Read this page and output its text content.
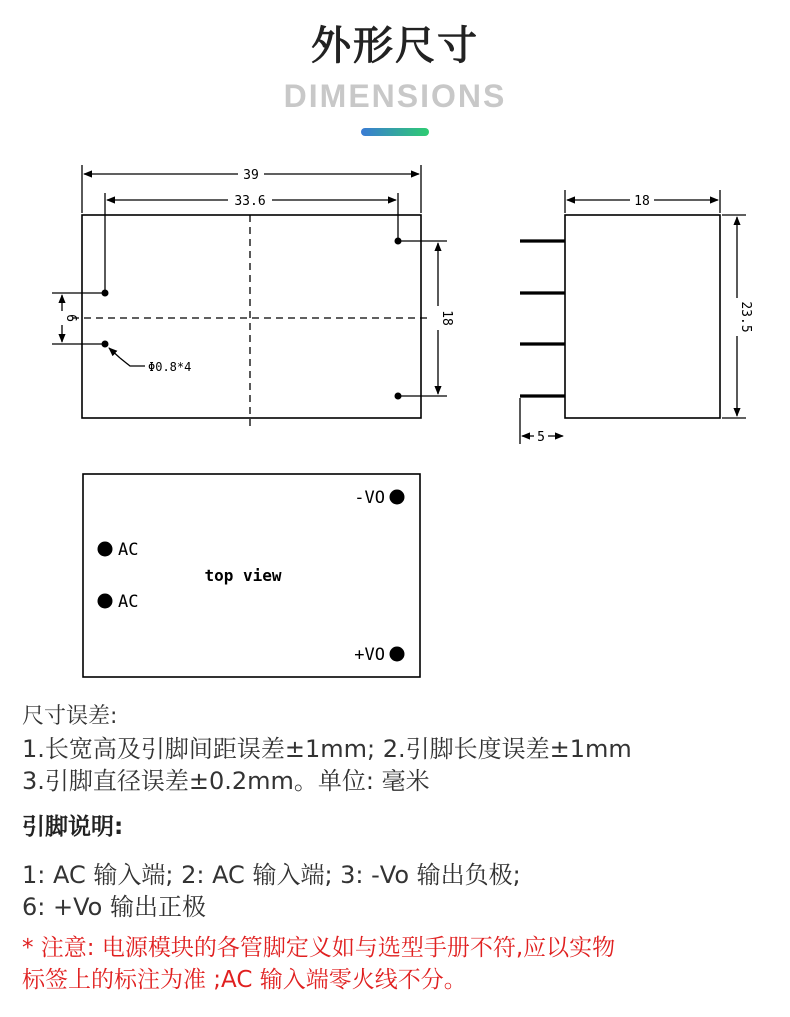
外形尺寸
DIMENSIONS
39
33.6
6	18
Φ0.8*4
18
23.5
5
-VO
AC
AC
top view
+VO
尺寸误差:
1.长宽高及引脚间距误差±1mm; 2.引脚长度误差±1mm
3.引脚直径误差±0.2mm。单位: 毫米
引脚说明:
1: AC 输入端; 2: AC 输入端; 3: -Vo 输出负极;
6: +Vo 输出正极
* 注意: 电源模块的各管脚定义如与选型手册不符,应以实物
标签上的标注为准 ;AC 输入端零火线不分。
